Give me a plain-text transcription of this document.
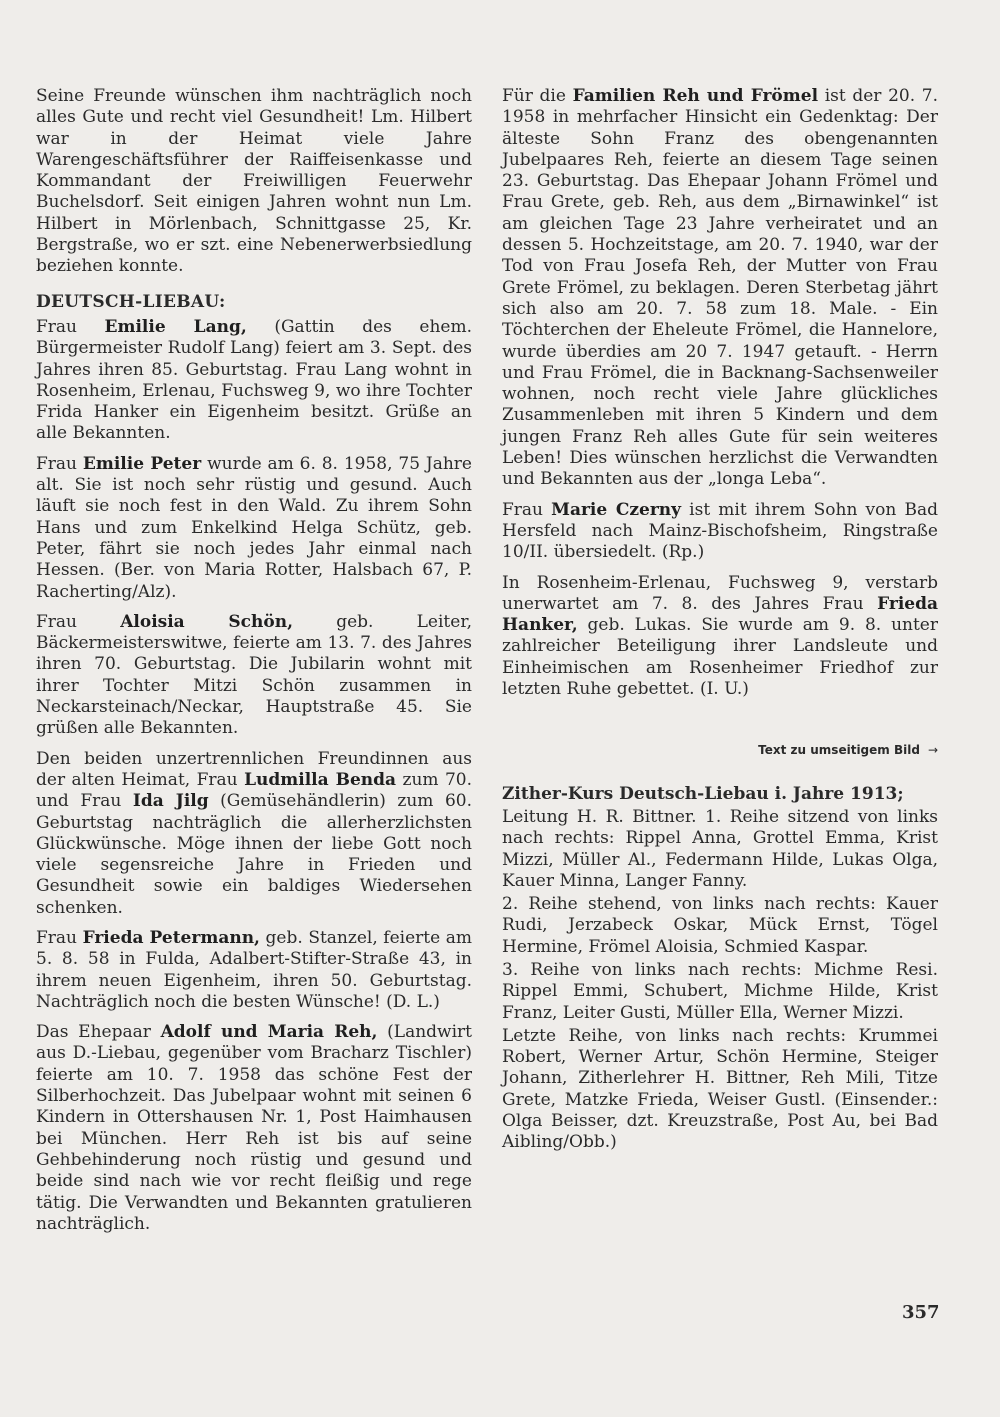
Seine Freunde wünschen ihm nachträglich noch alles Gute und recht viel Gesundheit! Lm. Hilbert war in der Heimat viele Jahre Warengeschäftsführer der Raiffeisenkasse und Kommandant der Freiwilligen Feuerwehr Buchelsdorf. Seit einigen Jahren wohnt nun Lm. Hilbert in Mörlenbach, Schnittgasse 25, Kr. Bergstraße, wo er szt. eine Nebenerwerbsiedlung beziehen konnte.

DEUTSCH-LIEBAU:

Frau Emilie Lang, (Gattin des ehem. Bürgermeister Rudolf Lang) feiert am 3. Sept. des Jahres ihren 85. Geburtstag. Frau Lang wohnt in Rosenheim, Erlenau, Fuchsweg 9, wo ihre Tochter Frida Hanker ein Eigenheim besitzt. Grüße an alle Bekannten.

Frau Emilie Peter wurde am 6. 8. 1958, 75 Jahre alt. Sie ist noch sehr rüstig und gesund. Auch läuft sie noch fest in den Wald. Zu ihrem Sohn Hans und zum Enkelkind Helga Schütz, geb. Peter, fährt sie noch jedes Jahr einmal nach Hessen. (Ber. von Maria Rotter, Halsbach 67, P. Racherting/Alz).

Frau Aloisia Schön, geb. Leiter, Bäckermeisterswitwe, feierte am 13. 7. des Jahres ihren 70. Geburtstag. Die Jubilarin wohnt mit ihrer Tochter Mitzi Schön zusammen in Neckarsteinach/Neckar, Hauptstraße 45. Sie grüßen alle Bekannten.

Den beiden unzertrennlichen Freundinnen aus der alten Heimat, Frau Ludmilla Benda zum 70. und Frau Ida Jilg (Gemüsehändlerin) zum 60. Geburtstag nachträglich die allerherzlichsten Glückwünsche. Möge ihnen der liebe Gott noch viele segensreiche Jahre in Frieden und Gesundheit sowie ein baldiges Wiedersehen schenken.

Frau Frieda Petermann, geb. Stanzel, feierte am 5. 8. 58 in Fulda, Adalbert-Stifter-Straße 43, in ihrem neuen Eigenheim, ihren 50. Geburtstag. Nachträglich noch die besten Wünsche! (D. L.)

Das Ehepaar Adolf und Maria Reh, (Landwirt aus D.-Liebau, gegenüber vom Bracharz Tischler) feierte am 10. 7. 1958 das schöne Fest der Silberhochzeit. Das Jubelpaar wohnt mit seinen 6 Kindern in Ottershausen Nr. 1, Post Haimhausen bei München. Herr Reh ist bis auf seine Gehbehinderung noch rüstig und gesund und beide sind nach wie vor recht fleißig und rege tätig. Die Verwandten und Bekannten gratulieren nachträglich.

Für die Familien Reh und Frömel ist der 20. 7. 1958 in mehrfacher Hinsicht ein Gedenktag: Der älteste Sohn Franz des obengenannten Jubelpaares Reh, feierte an diesem Tage seinen 23. Geburtstag. Das Ehepaar Johann Frömel und Frau Grete, geb. Reh, aus dem „Birnawinkel“ ist am gleichen Tage 23 Jahre verheiratet und an dessen 5. Hochzeitstage, am 20. 7. 1940, war der Tod von Frau Josefa Reh, der Mutter von Frau Grete Frömel, zu beklagen. Deren Sterbetag jährt sich also am 20. 7. 58 zum 18. Male. - Ein Töchterchen der Eheleute Frömel, die Hannelore, wurde überdies am 20 7. 1947 getauft. - Herrn und Frau Frömel, die in Backnang-Sachsenweiler wohnen, noch recht viele Jahre glückliches Zusammenleben mit ihren 5 Kindern und dem jungen Franz Reh alles Gute für sein weiteres Leben! Dies wünschen herzlichst die Verwandten und Bekannten aus der „longa Leba“.

Frau Marie Czerny ist mit ihrem Sohn von Bad Hersfeld nach Mainz-Bischofsheim, Ringstraße 10/II. übersiedelt. (Rp.)

In Rosenheim-Erlenau, Fuchsweg 9, verstarb unerwartet am 7. 8. des Jahres Frau Frieda Hanker, geb. Lukas. Sie wurde am 9. 8. unter zahlreicher Beteiligung ihrer Landsleute und Einheimischen am Rosenheimer Friedhof zur letzten Ruhe gebettet. (I. U.)

Text zu umseitigem Bild →
Zither-Kurs Deutsch-Liebau i. Jahre 1913;

Leitung H. R. Bittner. 1. Reihe sitzend von links nach rechts: Rippel Anna, Grottel Emma, Krist Mizzi, Müller Al., Federmann Hilde, Lukas Olga, Kauer Minna, Langer Fanny.

2. Reihe stehend, von links nach rechts: Kauer Rudi, Jerzabeck Oskar, Mück Ernst, Tögel Hermine, Frömel Aloisia, Schmied Kaspar.

3. Reihe von links nach rechts: Michme Resi. Rippel Emmi, Schubert, Michme Hilde, Krist Franz, Leiter Gusti, Müller Ella, Werner Mizzi.

Letzte Reihe, von links nach rechts: Krummei Robert, Werner Artur, Schön Hermine, Steiger Johann, Zitherlehrer H. Bittner, Reh Mili, Titze Grete, Matzke Frieda, Weiser Gustl. (Einsender.: Olga Beisser, dzt. Kreuzstraße, Post Au, bei Bad Aibling/Obb.)

357
